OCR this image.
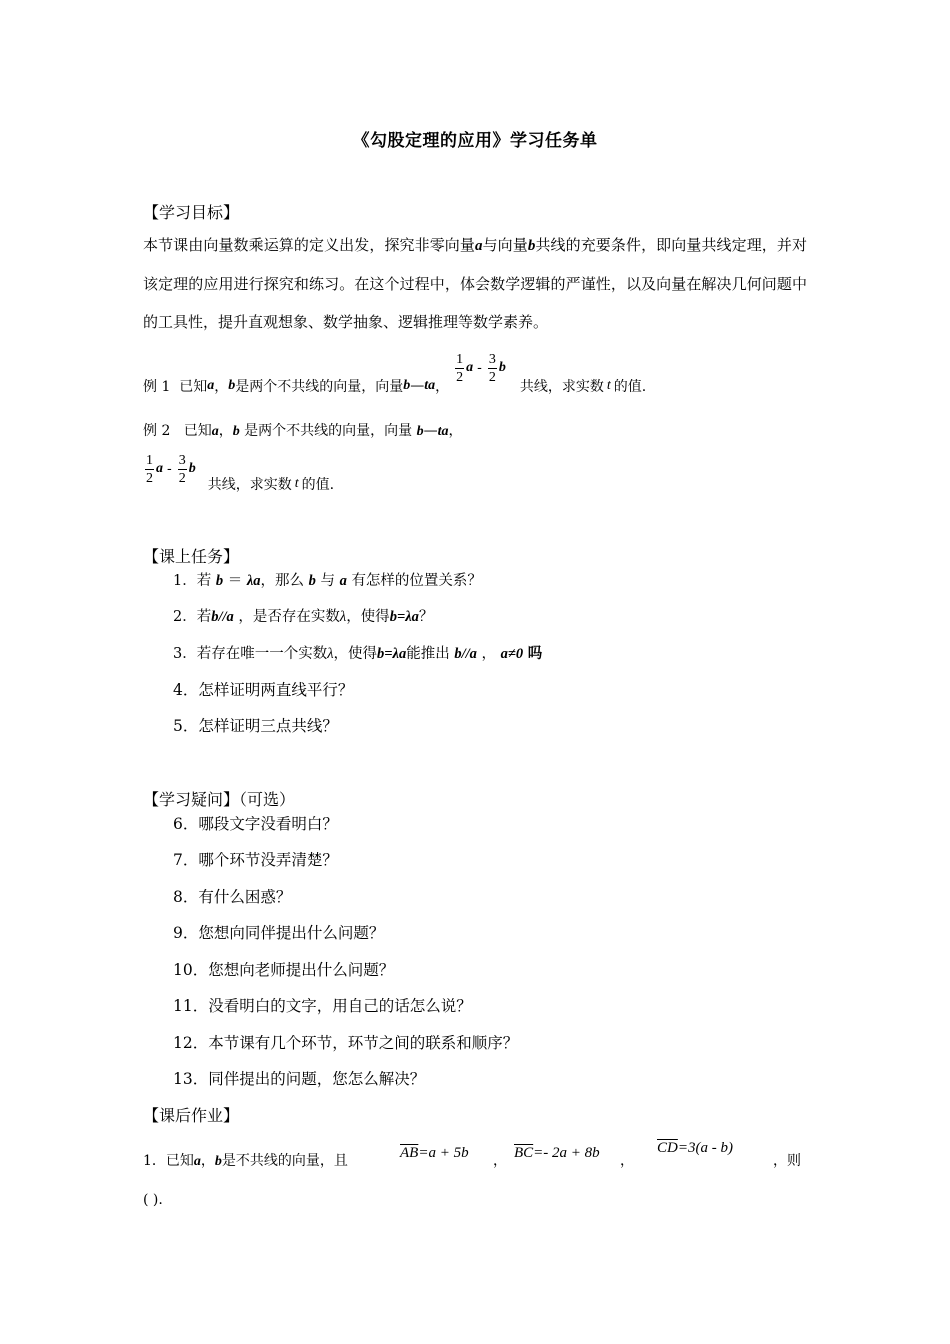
《勾股定理的应用》学习任务单
【学习目标】
本节课由向量数乘运算的定义出发，探究非零向量a与向量b共线的充要条件，即向量共线定理，并对该定理的应用进行探究和练习。在这个过程中，体会数学逻辑的严谨性，以及向量在解决几何问题中的工具性，提升直观想象、数学抽象、逻辑推理等数学素养。
例 1
已知 a ， b 是两个不共线的向量，向量 b — ta ，
$\frac{1}{2}$ a - $\frac{3}{2}$ b
共线，求实数 t 的值.
例 2 已知a，b 是两个不共线的向量，向量 b—ta，
$\frac{1}{2}$ a - $\frac{3}{2}$ b
共线，求实数 t 的值.
【课上任务】
1．若 b ＝ λa，那么 b 与 a 有怎样的位置关系？
2．若b//a ，是否存在实数λ，使得b=λa？
3．若存在唯一一个实数λ，使得b=λa能推出 b//a ， a≠0 吗
4．怎样证明两直线平行？
5．怎样证明三点共线？
【学习疑问】（可选）
6．哪段文字没看明白？
7．哪个环节没弄清楚？
8．有什么困惑？
9．您想向同伴提出什么问题？
10．您想向老师提出什么问题？
11．没看明白的文字，用自己的话怎么说？
12．本节课有几个环节，环节之间的联系和顺序？
13．同伴提出的问题，您怎么解决？
【课后作业】
1．已知a，b是不共线的向量，且	$\overline{AB}=a + 5b$ ， $\overline{BC}=-$ 2a + 8b ，
$\overline{CD}=3(a - b)$
，则
( ).
